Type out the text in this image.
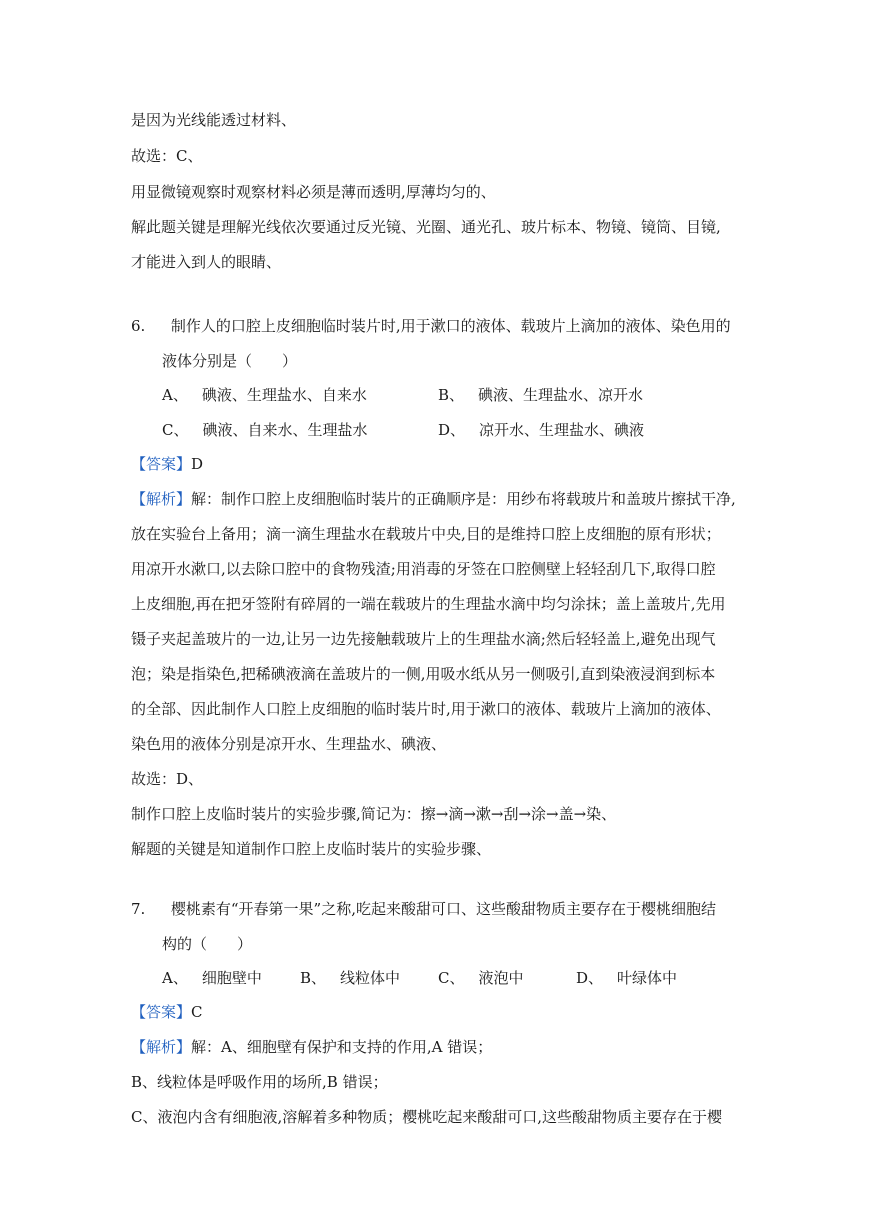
是因为光线能透过材料、
故选：C、
用显微镜观察时观察材料必须是薄而透明,厚薄均匀的、
解此题关键是理解光线依次要通过反光镜、光圈、通光孔、玻片标本、物镜、镜筒、目镜,
才能进入到人的眼睛、
6. 制作人的口腔上皮细胞临时装片时,用于漱口的液体、载玻片上滴加的液体、染色用的
液体分别是（　　）
A、 碘液、生理盐水、自来水	B、 碘液、生理盐水、凉开水
C、 碘液、自来水、生理盐水	D、 凉开水、生理盐水、碘液
【答案】D
【解析】解：制作口腔上皮细胞临时装片的正确顺序是：用纱布将载玻片和盖玻片擦拭干净,
放在实验台上备用；滴一滴生理盐水在载玻片中央,目的是维持口腔上皮细胞的原有形状；
用凉开水漱口,以去除口腔中的食物残渣;用消毒的牙签在口腔侧壁上轻轻刮几下,取得口腔
上皮细胞,再在把牙签附有碎屑的一端在载玻片的生理盐水滴中均匀涂抹；盖上盖玻片,先用
镊子夹起盖玻片的一边,让另一边先接触载玻片上的生理盐水滴;然后轻轻盖上,避免出现气
泡；染是指染色,把稀碘液滴在盖玻片的一侧,用吸水纸从另一侧吸引,直到染液浸润到标本
的全部、因此制作人口腔上皮细胞的临时装片时,用于漱口的液体、载玻片上滴加的液体、
染色用的液体分别是凉开水、生理盐水、碘液、
故选：D、
制作口腔上皮临时装片的实验步骤,简记为：擦→滴→漱→刮→涂→盖→染、
解题的关键是知道制作口腔上皮临时装片的实验步骤、
7. 樱桃素有“开春第一果”之称,吃起来酸甜可口、这些酸甜物质主要存在于樱桃细胞结
构的（　　）
A、 细胞壁中	B、 线粒体中	C、 液泡中	D、 叶绿体中
【答案】C
【解析】解：A、细胞壁有保护和支持的作用,A 错误；
B、线粒体是呼吸作用的场所,B 错误；
C、液泡内含有细胞液,溶解着多种物质；樱桃吃起来酸甜可口,这些酸甜物质主要存在于樱
